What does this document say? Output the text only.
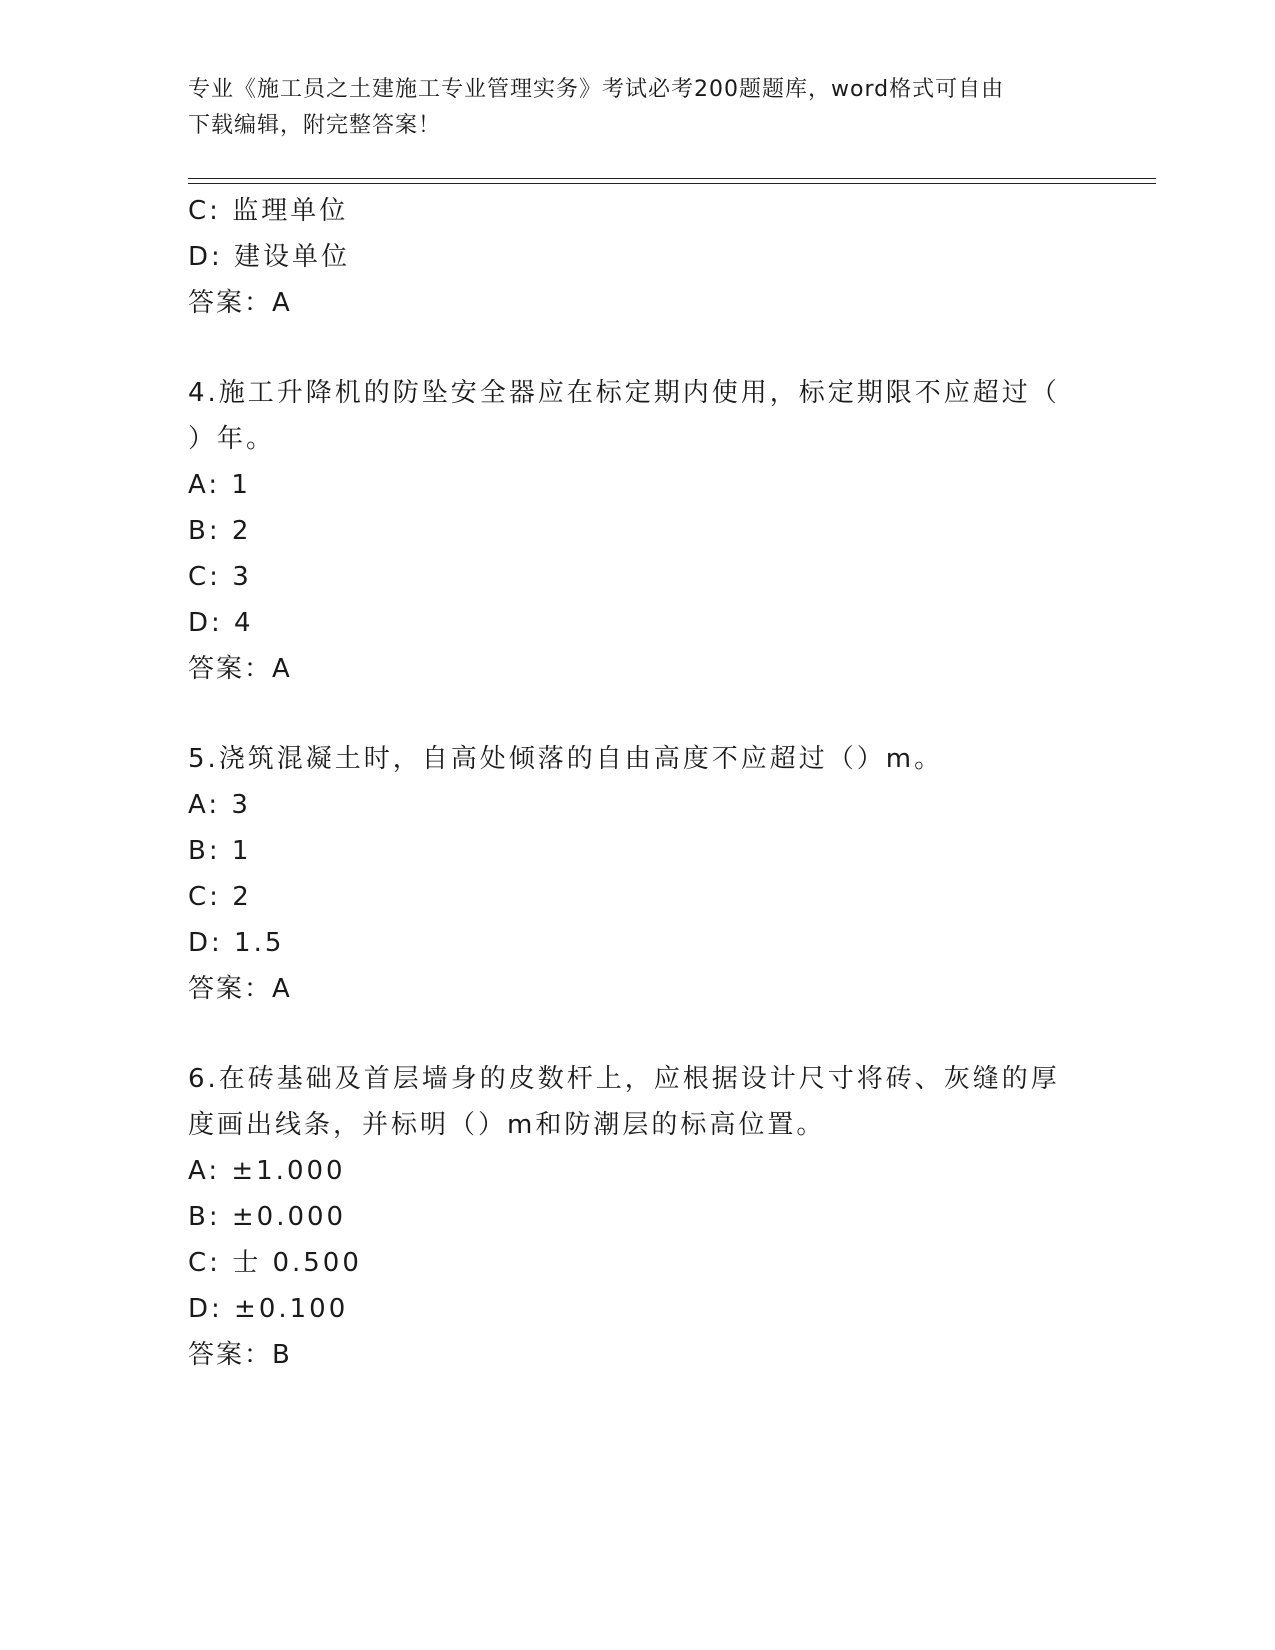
专业《施工员之土建施工专业管理实务》考试必考200题题库，word格式可自由
下载编辑，附完整答案！
C: 监理单位
D: 建设单位
答案：A
4.施工升降机的防坠安全器应在标定期内使用，标定期限不应超过（
）年。
A: 1
B: 2
C: 3
D: 4
答案：A
5.浇筑混凝土时，自高处倾落的自由高度不应超过（）m。
A: 3
B: 1
C: 2
D: 1.5
答案：A
6.在砖基础及首层墙身的皮数杆上，应根据设计尺寸将砖、灰缝的厚
度画出线条，并标明（）m和防潮层的标高位置。
A: ±1.000
B: ±0.000
C: 士 0.500
D: ±0.100
答案：B
